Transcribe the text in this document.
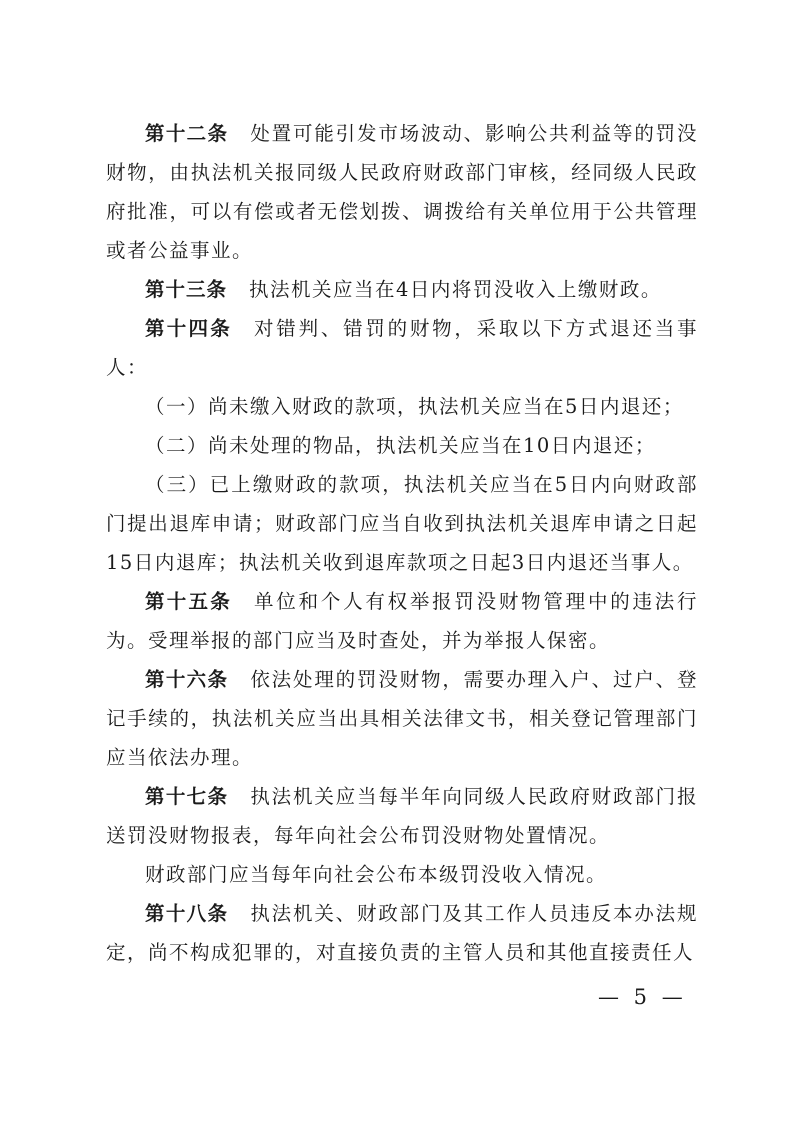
第十二条 处置可能引发市场波动、影响公共利益等的罚没财物，由执法机关报同级人民政府财政部门审核，经同级人民政府批准，可以有偿或者无偿划拨、调拨给有关单位用于公共管理或者公益事业。

第十三条 执法机关应当在4日内将罚没收入上缴财政。

第十四条 对错判、错罚的财物，采取以下方式退还当事人：

（一）尚未缴入财政的款项，执法机关应当在5日内退还；

（二）尚未处理的物品，执法机关应当在10日内退还；

（三）已上缴财政的款项，执法机关应当在5日内向财政部门提出退库申请；财政部门应当自收到执法机关退库申请之日起15日内退库；执法机关收到退库款项之日起3日内退还当事人。

第十五条 单位和个人有权举报罚没财物管理中的违法行为。受理举报的部门应当及时查处，并为举报人保密。

第十六条 依法处理的罚没财物，需要办理入户、过户、登记手续的，执法机关应当出具相关法律文书，相关登记管理部门应当依法办理。

第十七条 执法机关应当每半年向同级人民政府财政部门报送罚没财物报表，每年向社会公布罚没财物处置情况。

财政部门应当每年向社会公布本级罚没收入情况。

第十八条 执法机关、财政部门及其工作人员违反本办法规定，尚不构成犯罪的，对直接负责的主管人员和其他直接责任人

— 5 —
